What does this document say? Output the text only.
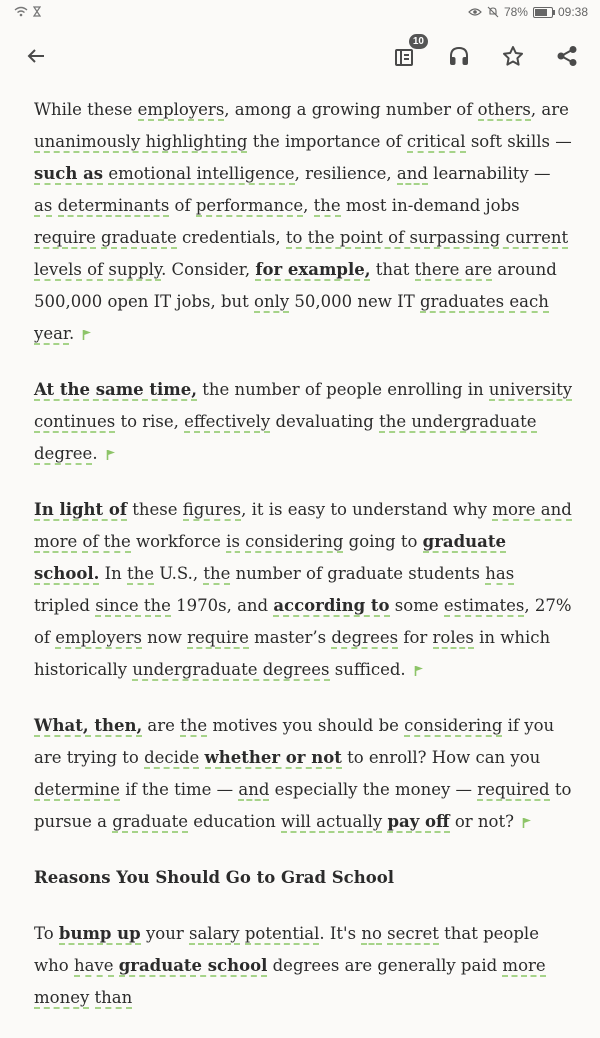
78%	09:38
10

While these employers, among a growing number of others, are unanimously highlighting the importance of critical soft skills — such as emotional intelligence, resilience, and learnability — as determinants of performance, the most in-demand jobs require graduate credentials, to the point of surpassing current levels of supply. Consider, for example, that there are around 500,000 open IT jobs, but only 50,000 new IT graduates each year.

At the same time, the number of people enrolling in university continues to rise, effectively devaluating the undergraduate degree.

In light of these figures, it is easy to understand why more and more of the workforce is considering going to graduate school. In the U.S., the number of graduate students has tripled since the 1970s, and according to some estimates, 27% of employers now require master’s degrees for roles in which historically undergraduate degrees sufficed.

What, then, are the motives you should be considering if you are trying to decide whether or not to enroll? How can you determine if the time — and especially the money — required to pursue a graduate education will actually pay off or not?

Reasons You Should Go to Grad School

To bump up your salary potential. It's no secret that people who have graduate school degrees are generally paid more money than
